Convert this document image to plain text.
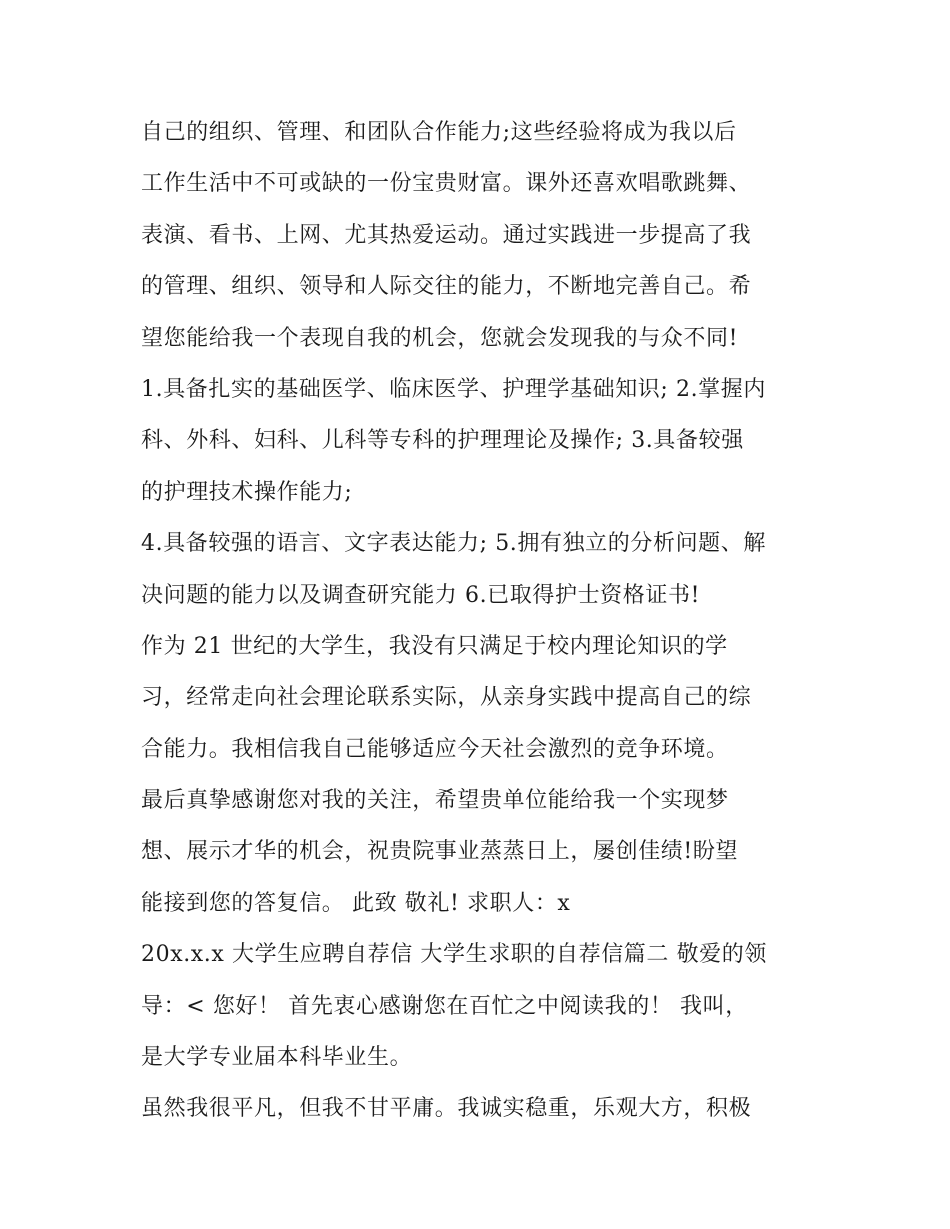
自己的组织、管理、和团队合作能力;这些经验将成为我以后
工作生活中不可或缺的一份宝贵财富。课外还喜欢唱歌跳舞、
表演、看书、上网、尤其热爱运动。通过实践进一步提高了我
的管理、组织、领导和人际交往的能力，不断地完善自己。希
望您能给我一个表现自我的机会，您就会发现我的与众不同!
1.具备扎实的基础医学、临床医学、护理学基础知识; 2.掌握内
科、外科、妇科、儿科等专科的护理理论及操作; 3.具备较强
的护理技术操作能力;
4.具备较强的语言、文字表达能力; 5.拥有独立的分析问题、解
决问题的能力以及调查研究能力 6.已取得护士资格证书!
作为 21 世纪的大学生，我没有只满足于校内理论知识的学
习，经常走向社会理论联系实际，从亲身实践中提高自己的综
合能力。我相信我自己能够适应今天社会激烈的竞争环境。
最后真挚感谢您对我的关注，希望贵单位能给我一个实现梦
想、展示才华的机会，祝贵院事业蒸蒸日上，屡创佳绩!盼望
能接到您的答复信。 此致 敬礼! 求职人：x
20x.x.x 大学生应聘自荐信 大学生求职的自荐信篇二 敬爱的领
导：< 您好！ 首先衷心感谢您在百忙之中阅读我的！ 我叫，
是大学专业届本科毕业生。
虽然我很平凡，但我不甘平庸。我诚实稳重，乐观大方，积极
